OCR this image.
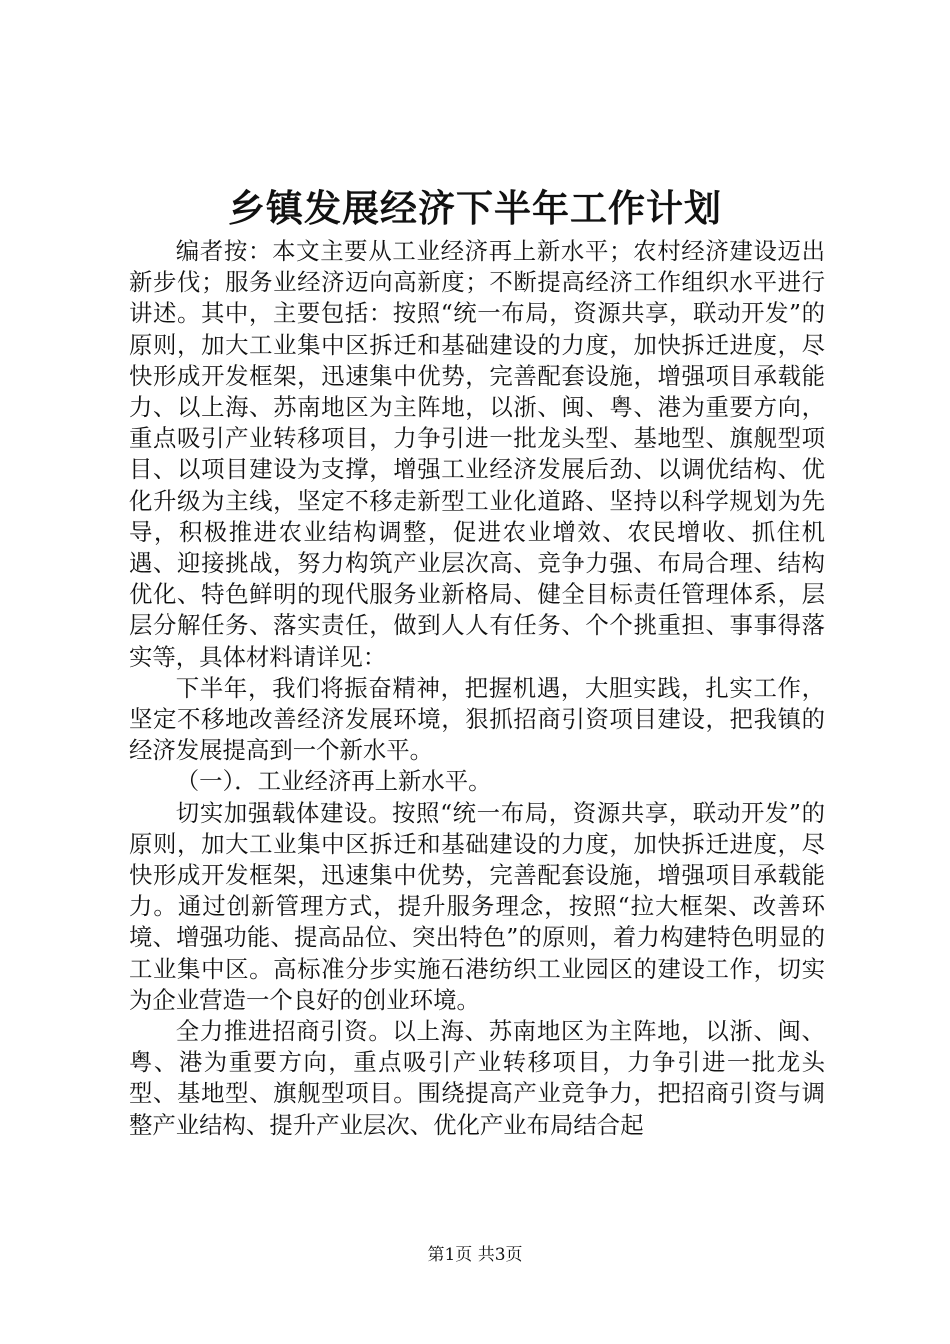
乡镇发展经济下半年工作计划

编者按：本文主要从工业经济再上新水平；农村经济建设迈出新步伐；服务业经济迈向高新度；不断提高经济工作组织水平进行讲述。其中，主要包括：按照“统一布局，资源共享，联动开发”的原则，加大工业集中区拆迁和基础建设的力度，加快拆迁进度，尽快形成开发框架，迅速集中优势，完善配套设施，增强项目承载能力、以上海、苏南地区为主阵地，以浙、闽、粤、港为重要方向，重点吸引产业转移项目，力争引进一批龙头型、基地型、旗舰型项目、以项目建设为支撑，增强工业经济发展后劲、以调优结构、优化升级为主线，坚定不移走新型工业化道路、坚持以科学规划为先导，积极推进农业结构调整，促进农业增效、农民增收、抓住机遇、迎接挑战，努力构筑产业层次高、竞争力强、布局合理、结构优化、特色鲜明的现代服务业新格局、健全目标责任管理体系，层层分解任务、落实责任，做到人人有任务、个个挑重担、事事得落实等，具体材料请详见：

下半年，我们将振奋精神，把握机遇，大胆实践，扎实工作，坚定不移地改善经济发展环境，狠抓招商引资项目建设，把我镇的经济发展提高到一个新水平。

（一）．工业经济再上新水平。

切实加强载体建设。按照“统一布局，资源共享，联动开发”的原则，加大工业集中区拆迁和基础建设的力度，加快拆迁进度，尽快形成开发框架，迅速集中优势，完善配套设施，增强项目承载能力。通过创新管理方式，提升服务理念，按照“拉大框架、改善环境、增强功能、提高品位、突出特色”的原则，着力构建特色明显的工业集中区。高标准分步实施石港纺织工业园区的建设工作，切实为企业营造一个良好的创业环境。

全力推进招商引资。以上海、苏南地区为主阵地，以浙、闽、粤、港为重要方向，重点吸引产业转移项目，力争引进一批龙头型、基地型、旗舰型项目。围绕提高产业竞争力，把招商引资与调整产业结构、提升产业层次、优化产业布局结合起

第1页 共3页
